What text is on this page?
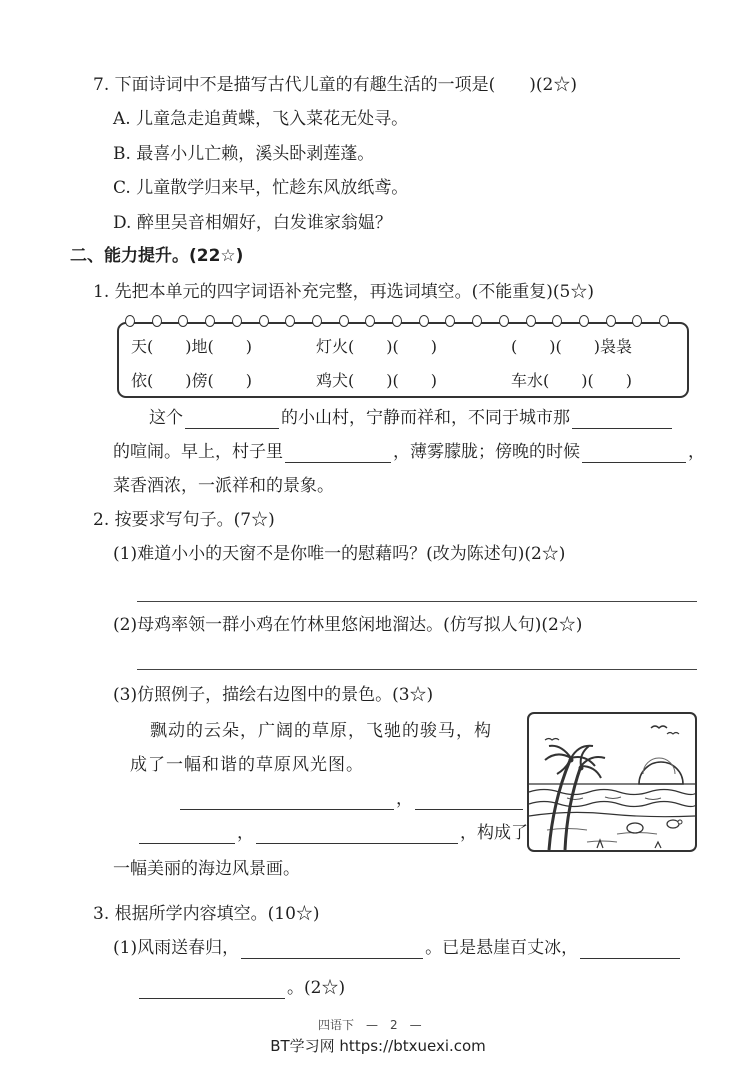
7. 下面诗词中不是描写古代儿童的有趣生活的一项是(　　)(2☆)
A. 儿童急走追黄蝶，飞入菜花无处寻。
B. 最喜小儿亡赖，溪头卧剥莲蓬。
C. 儿童散学归来早，忙趁东风放纸鸢。
D. 醉里吴音相媚好，白发谁家翁媪？
二、能力提升。(22☆)
1. 先把本单元的四字词语补充完整，再选词填空。(不能重复)(5☆)
天(　　)地(　　)	灯火(　　)(　　)	(　　)(　　)袅袅
依(　　)傍(　　)	鸡犬(　　)(　　)	车水(　　)(　　)
这个	的小山村，宁静而祥和，不同于城市那
的喧闹。早上，村子里	，薄雾朦胧；傍晚的时候	，
菜香酒浓，一派祥和的景象。
2. 按要求写句子。(7☆)
(1)难道小小的天窗不是你唯一的慰藉吗？(改为陈述句)(2☆)
(2)母鸡率领一群小鸡在竹林里悠闲地溜达。(仿写拟人句)(2☆)
(3)仿照例子，描绘右边图中的景色。(3☆)
飘动的云朵，广阔的草原，飞驰的骏马，构
成了一幅和谐的草原风光图。
，
，	，构成了
一幅美丽的海边风景画。
3. 根据所学内容填空。(10☆)
(1)风雨送春归，	。已是悬崖百丈冰，
。(2☆)
四语下　—　2　—
BT学习网 https://btxuexi.com
